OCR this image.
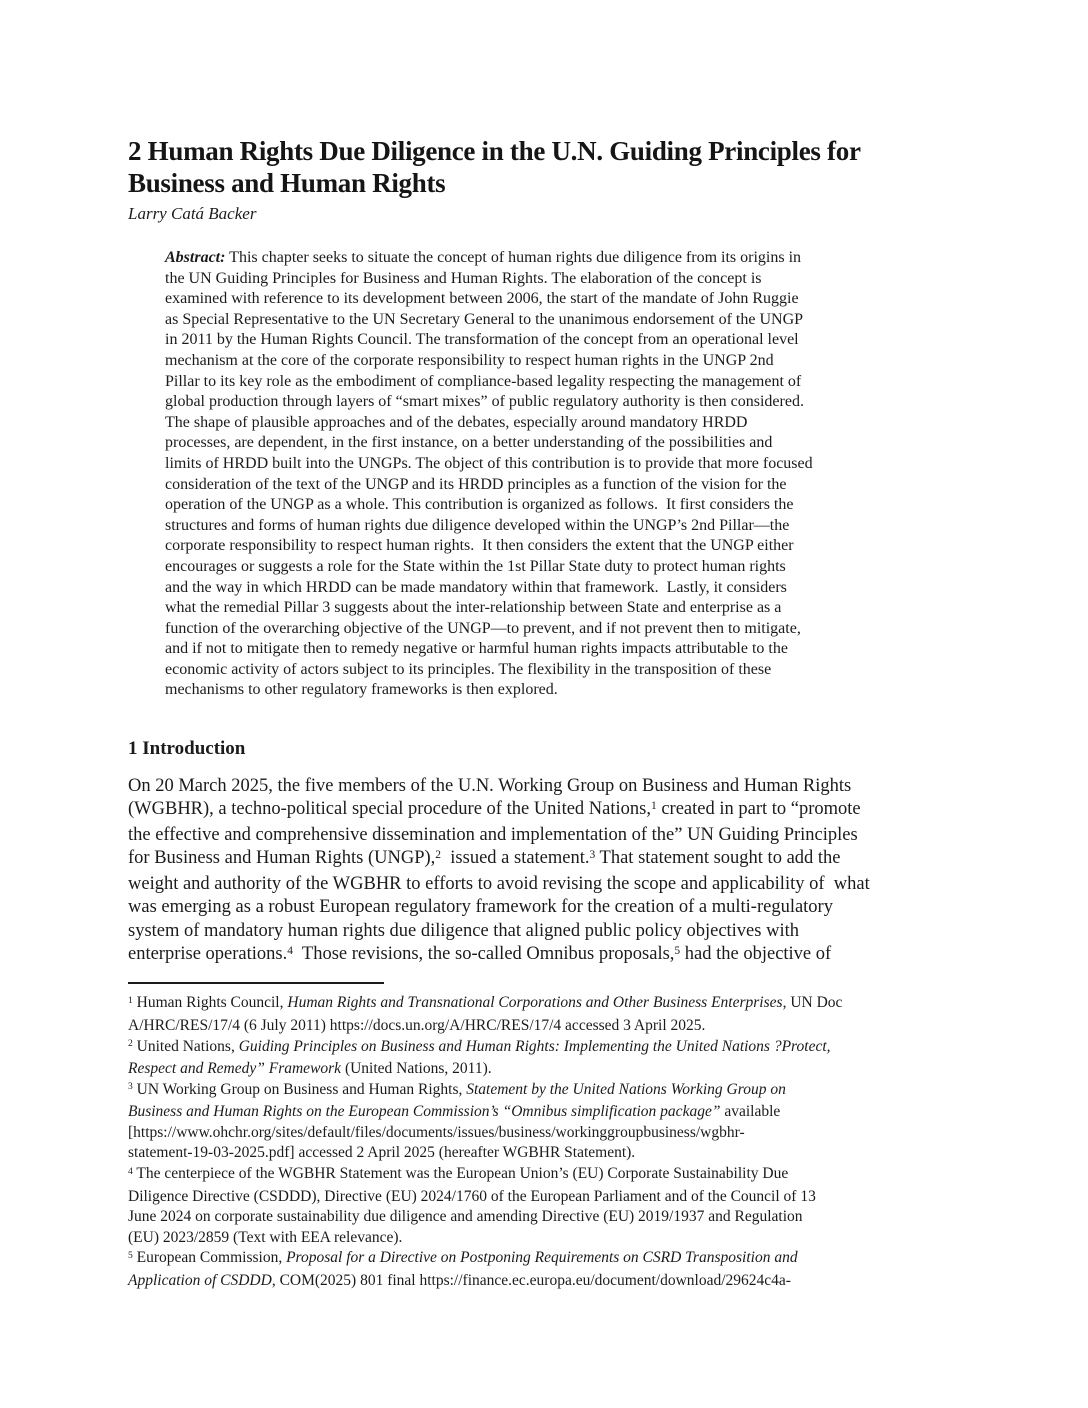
2 Human Rights Due Diligence in the U.N. Guiding Principles for
Business and Human Rights
Larry Catá Backer
Abstract: This chapter seeks to situate the concept of human rights due diligence from its origins in
the UN Guiding Principles for Business and Human Rights. The elaboration of the concept is
examined with reference to its development between 2006, the start of the mandate of John Ruggie
as Special Representative to the UN Secretary General to the unanimous endorsement of the UNGP
in 2011 by the Human Rights Council. The transformation of the concept from an operational level
mechanism at the core of the corporate responsibility to respect human rights in the UNGP 2nd
Pillar to its key role as the embodiment of compliance-based legality respecting the management of
global production through layers of “smart mixes” of public regulatory authority is then considered.
The shape of plausible approaches and of the debates, especially around mandatory HRDD
processes, are dependent, in the first instance, on a better understanding of the possibilities and
limits of HRDD built into the UNGPs. The object of this contribution is to provide that more focused
consideration of the text of the UNGP and its HRDD principles as a function of the vision for the
operation of the UNGP as a whole. This contribution is organized as follows.  It first considers the
structures and forms of human rights due diligence developed within the UNGP’s 2nd Pillar—the
corporate responsibility to respect human rights.  It then considers the extent that the UNGP either
encourages or suggests a role for the State within the 1st Pillar State duty to protect human rights
and the way in which HRDD can be made mandatory within that framework.  Lastly, it considers
what the remedial Pillar 3 suggests about the inter-relationship between State and enterprise as a
function of the overarching objective of the UNGP—to prevent, and if not prevent then to mitigate,
and if not to mitigate then to remedy negative or harmful human rights impacts attributable to the
economic activity of actors subject to its principles. The flexibility in the transposition of these
mechanisms to other regulatory frameworks is then explored.
1 Introduction
On 20 March 2025, the five members of the U.N. Working Group on Business and Human Rights
(WGBHR), a techno-political special procedure of the United Nations,$^1$ created in part to “promote
the effective and comprehensive dissemination and implementation of the” UN Guiding Principles
for Business and Human Rights (UNGP),$^2$  issued a statement.$^3$ That statement sought to add the
weight and authority of the WGBHR to efforts to avoid revising the scope and applicability of  what
was emerging as a robust European regulatory framework for the creation of a multi-regulatory
system of mandatory human rights due diligence that aligned public policy objectives with
enterprise operations.$^4$  Those revisions, the so-called Omnibus proposals,$^5$ had the objective of
$^1$ Human Rights Council, Human Rights and Transnational Corporations and Other Business Enterprises, UN Doc
A/HRC/RES/17/4 (6 July 2011) https://docs.un.org/A/HRC/RES/17/4 accessed 3 April 2025.
$^2$ United Nations, Guiding Principles on Business and Human Rights: Implementing the United Nations ?Protect,
Respect and Remedy” Framework (United Nations, 2011).
$^3$ UN Working Group on Business and Human Rights, Statement by the United Nations Working Group on
Business and Human Rights on the European Commission’s “Omnibus simplification package” available
[https://www.ohchr.org/sites/default/files/documents/issues/business/workinggroupbusiness/wgbhr-
statement-19-03-2025.pdf] accessed 2 April 2025 (hereafter WGBHR Statement).
$^4$ The centerpiece of the WGBHR Statement was the European Union’s (EU) Corporate Sustainability Due
Diligence Directive (CSDDD), Directive (EU) 2024/1760 of the European Parliament and of the Council of 13
June 2024 on corporate sustainability due diligence and amending Directive (EU) 2019/1937 and Regulation
(EU) 2023/2859 (Text with EEA relevance).
$^5$ European Commission, Proposal for a Directive on Postponing Requirements on CSRD Transposition and
Application of CSDDD, COM(2025) 801 final https://finance.ec.europa.eu/document/download/29624c4a-
